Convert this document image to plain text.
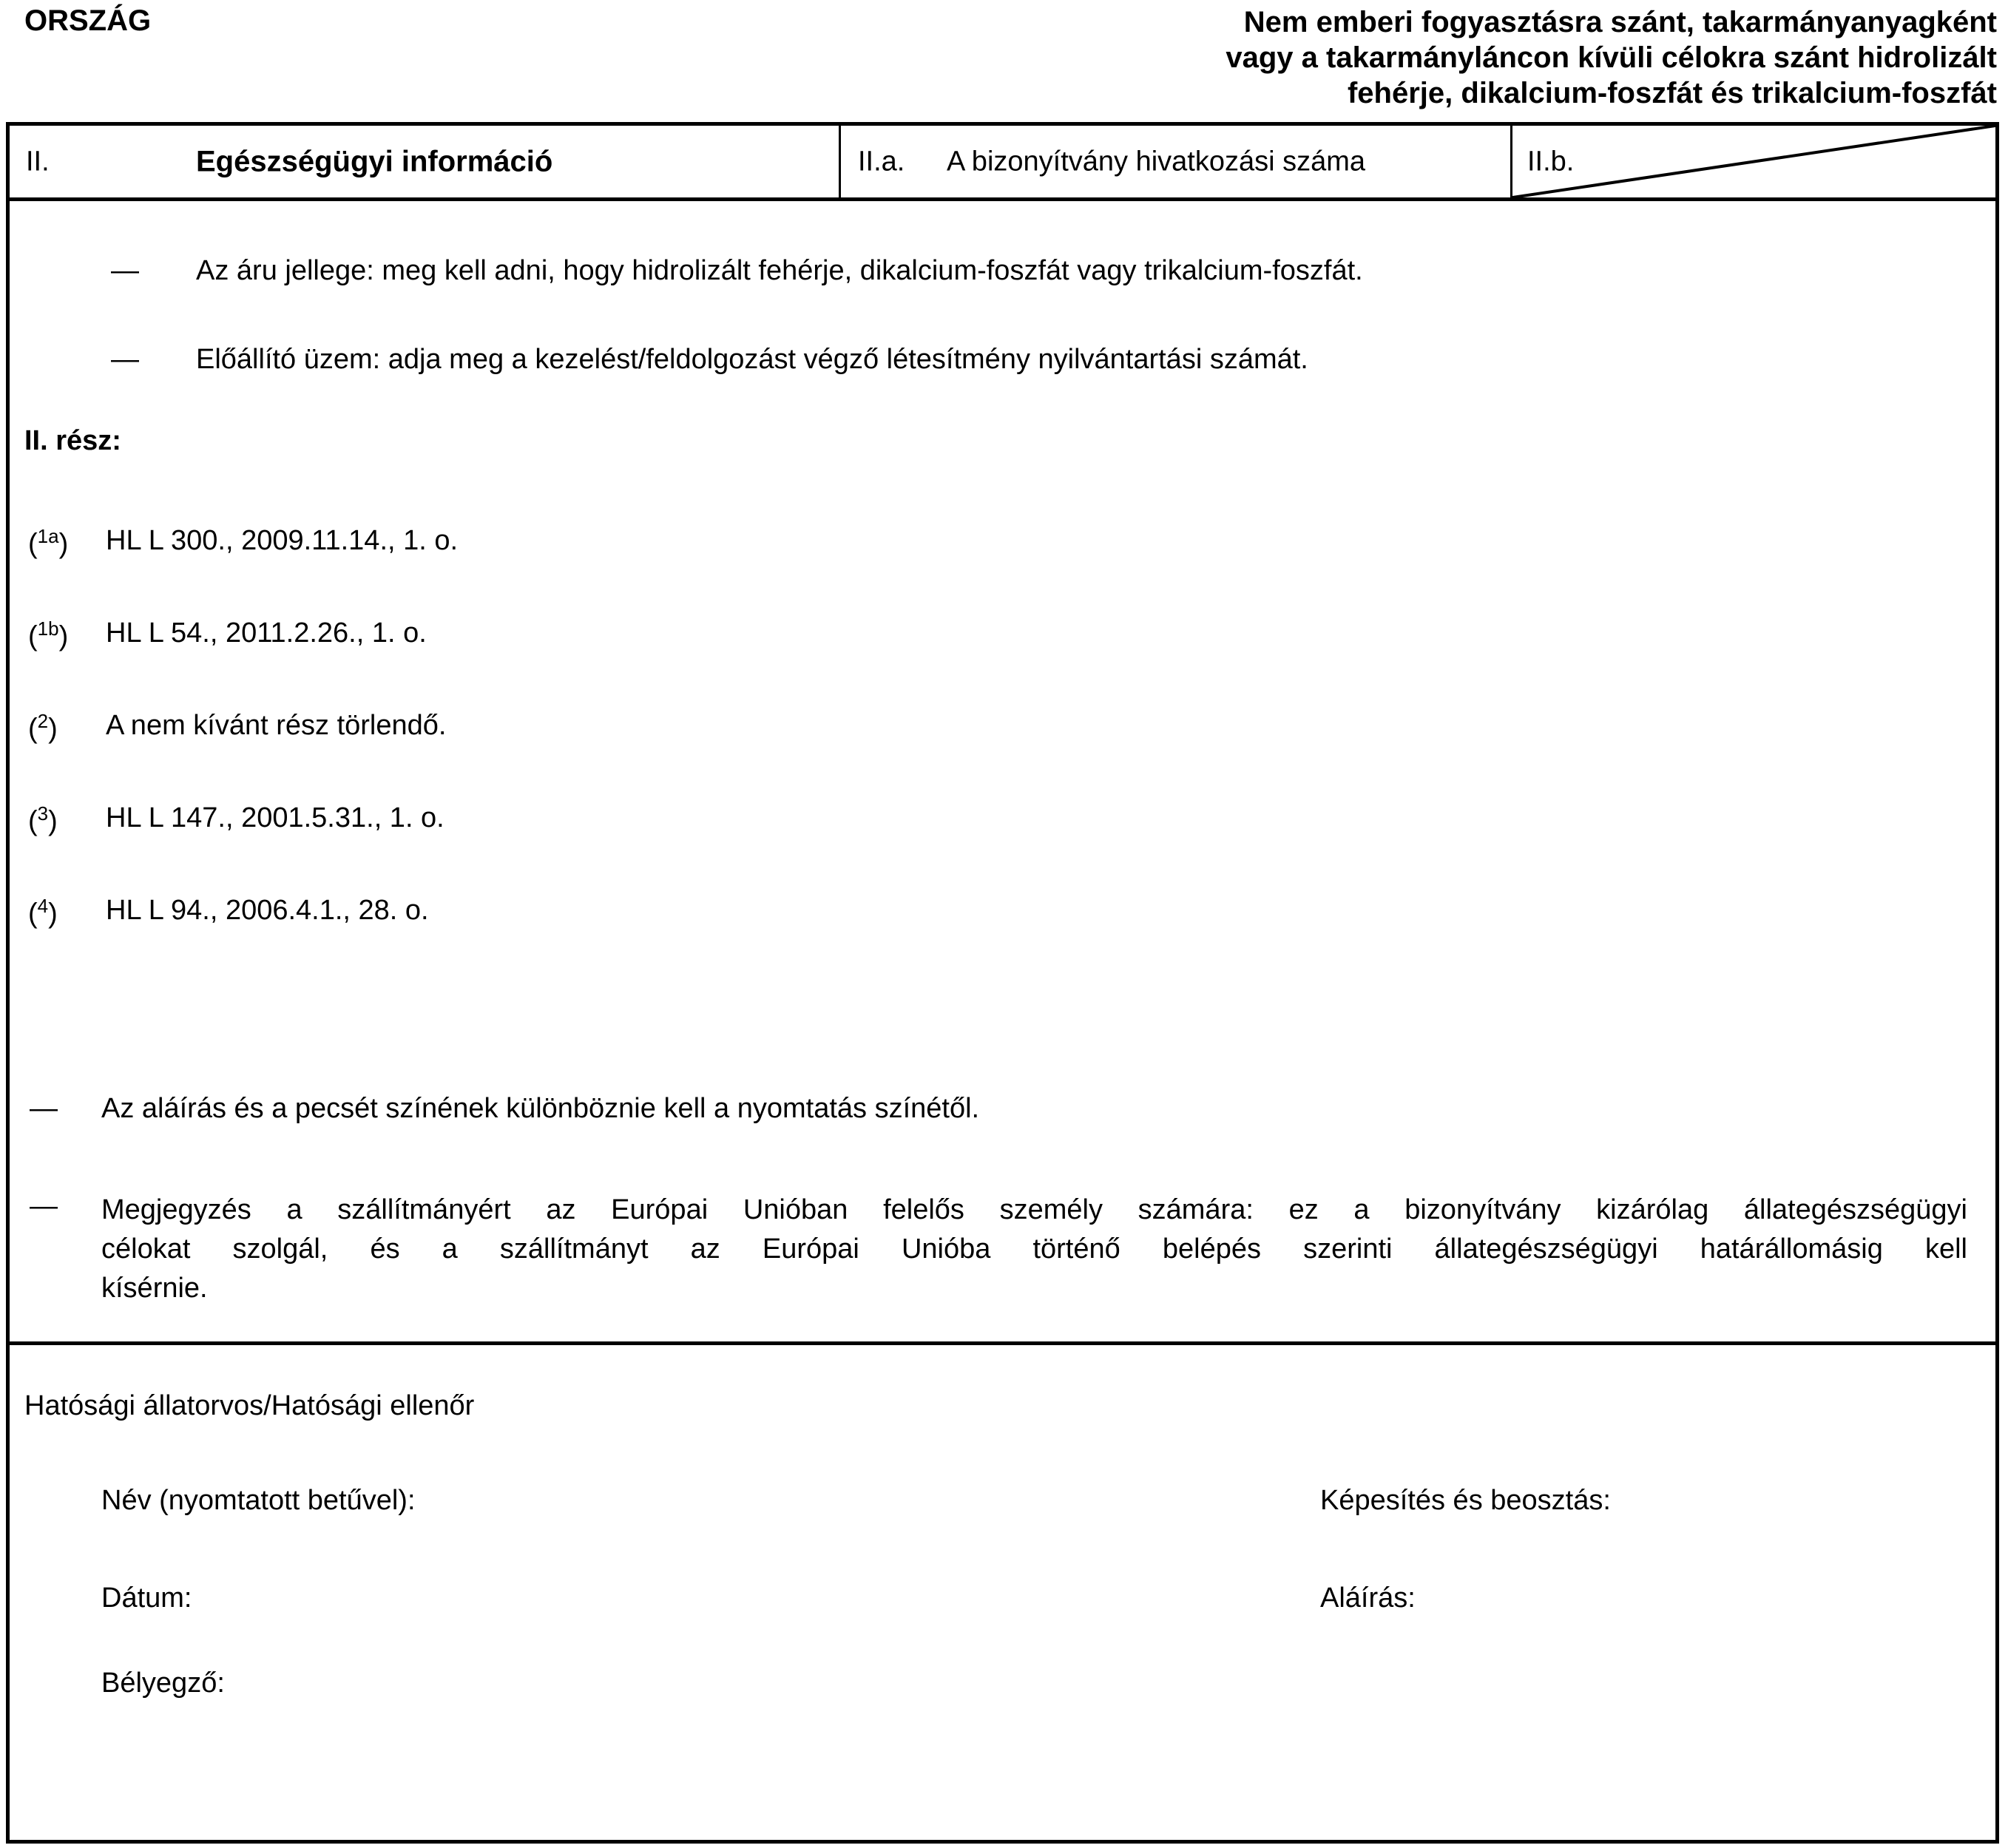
ORSZÁG	Nem emberi fogyasztásra szánt, takarmányanyagként
vagy a takarmányláncon kívüli célokra szánt hidrolizált
fehérje, dikalcium-foszfát és trikalcium-foszfát
II.	Egészségügyi információ	II.a. A bizonyítvány hivatkozási száma	II.b.
— Az áru jellege: meg kell adni, hogy hidrolizált fehérje, dikalcium-foszfát vagy trikalcium-foszfát.
— Előállító üzem: adja meg a kezelést/feldolgozást végző létesítmény nyilvántartási számát.
II. rész:
($^{1a}$) HL L 300., 2009.11.14., 1. o.
($^{1b}$) HL L 54., 2011.2.26., 1. o.
($^2$) A nem kívánt rész törlendő.
($^3$) HL L 147., 2001.5.31., 1. o.
($^4$) HL L 94., 2006.4.1., 28. o.
— Az aláírás és a pecsét színének különböznie kell a nyomtatás színétől.
— Megjegyzés a szállítmányért az Európai Unióban felelős személy számára: ez a bizonyítvány kizárólag állategészségügyi
célokat szolgál, és a szállítmányt az Európai Unióba történő belépés szerinti állategészségügyi határállomásig kell
kísérnie.
Hatósági állatorvos/Hatósági ellenőr
Név (nyomtatott betűvel):	Képesítés és beosztás:
Dátum:	Aláírás:
Bélyegző:
